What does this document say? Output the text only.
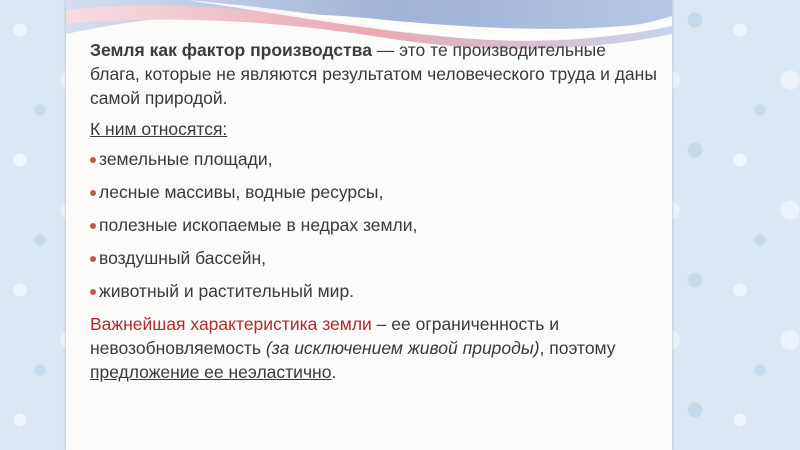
Земля как фактор производства — это те производительные блага, которые не являются результатом человеческого труда и даны самой природой.

К ним относятся:
земельные площади,
лесные массивы, водные ресурсы,
полезные ископаемые в недрах земли,
воздушный бассейн,
животный и растительный мир.

Важнейшая характеристика земли – ее ограниченность и невозобновляемость (за исключением живой природы), поэтому предложение ее неэластично.
